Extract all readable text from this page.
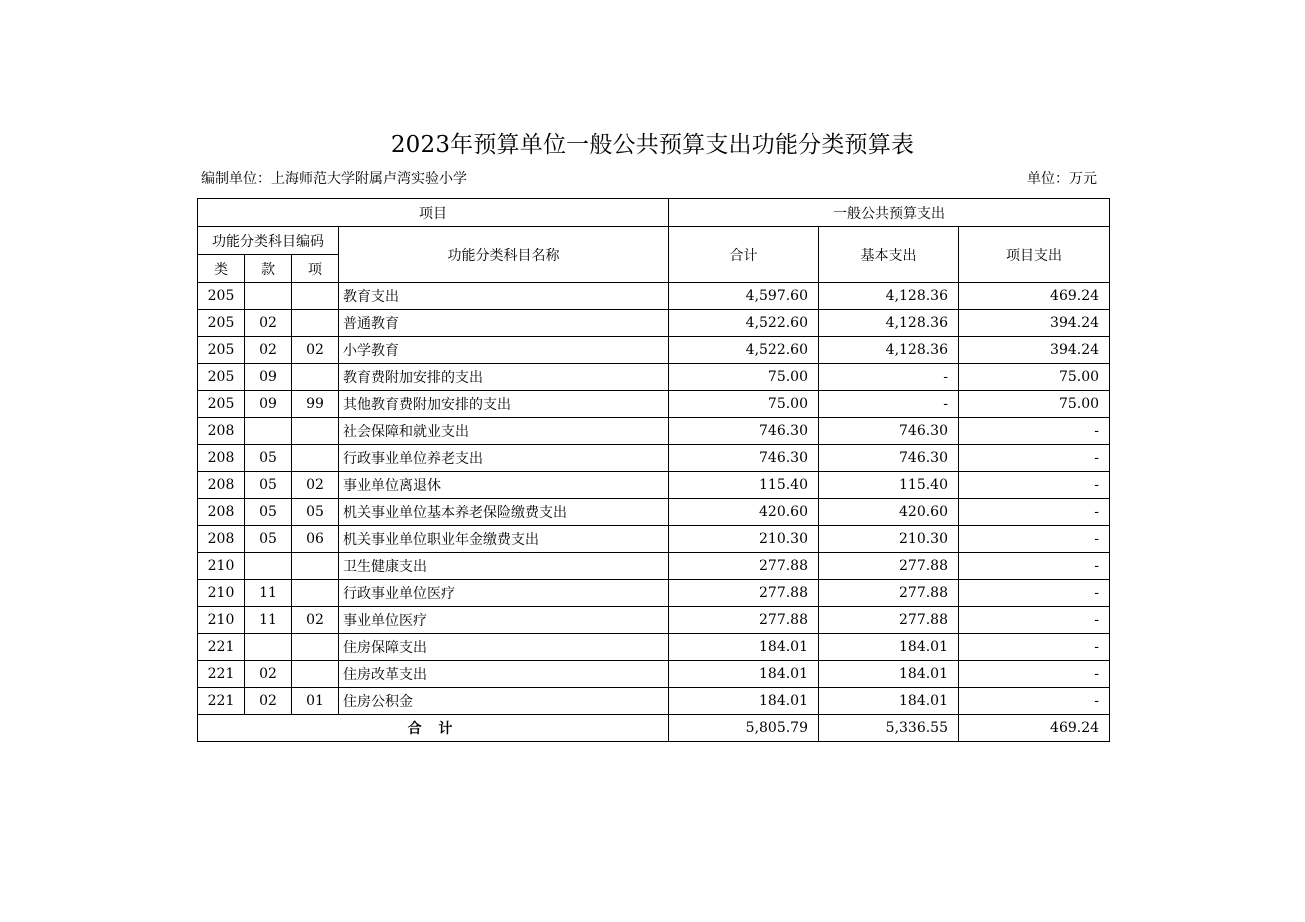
2023年预算单位一般公共预算支出功能分类预算表
编制单位：上海师范大学附属卢湾实验小学	单位：万元
项目				一般公共预算支出		
功能分类科目编码			功能分类科目名称	合计	基本支出	项目支出
类	款	项				
205			教育支出	4,597.60	4,128.36	469.24
205	02		普通教育	4,522.60	4,128.36	394.24
205	02	02	小学教育	4,522.60	4,128.36	394.24
205	09		教育费附加安排的支出	75.00	-	75.00
205	09	99	其他教育费附加安排的支出	75.00	-	75.00
208			社会保障和就业支出	746.30	746.30	-
208	05		行政事业单位养老支出	746.30	746.30	-
208	05	02	事业单位离退休	115.40	115.40	-
208	05	05	机关事业单位基本养老保险缴费支出	420.60	420.60	-
208	05	06	机关事业单位职业年金缴费支出	210.30	210.30	-
210			卫生健康支出	277.88	277.88	-
210	11		行政事业单位医疗	277.88	277.88	-
210	11	02	事业单位医疗	277.88	277.88	-
221			住房保障支出	184.01	184.01	-
221	02		住房改革支出	184.01	184.01	-
221	02	01	住房公积金	184.01	184.01	-
合 计				5,805.79	5,336.55	469.24
